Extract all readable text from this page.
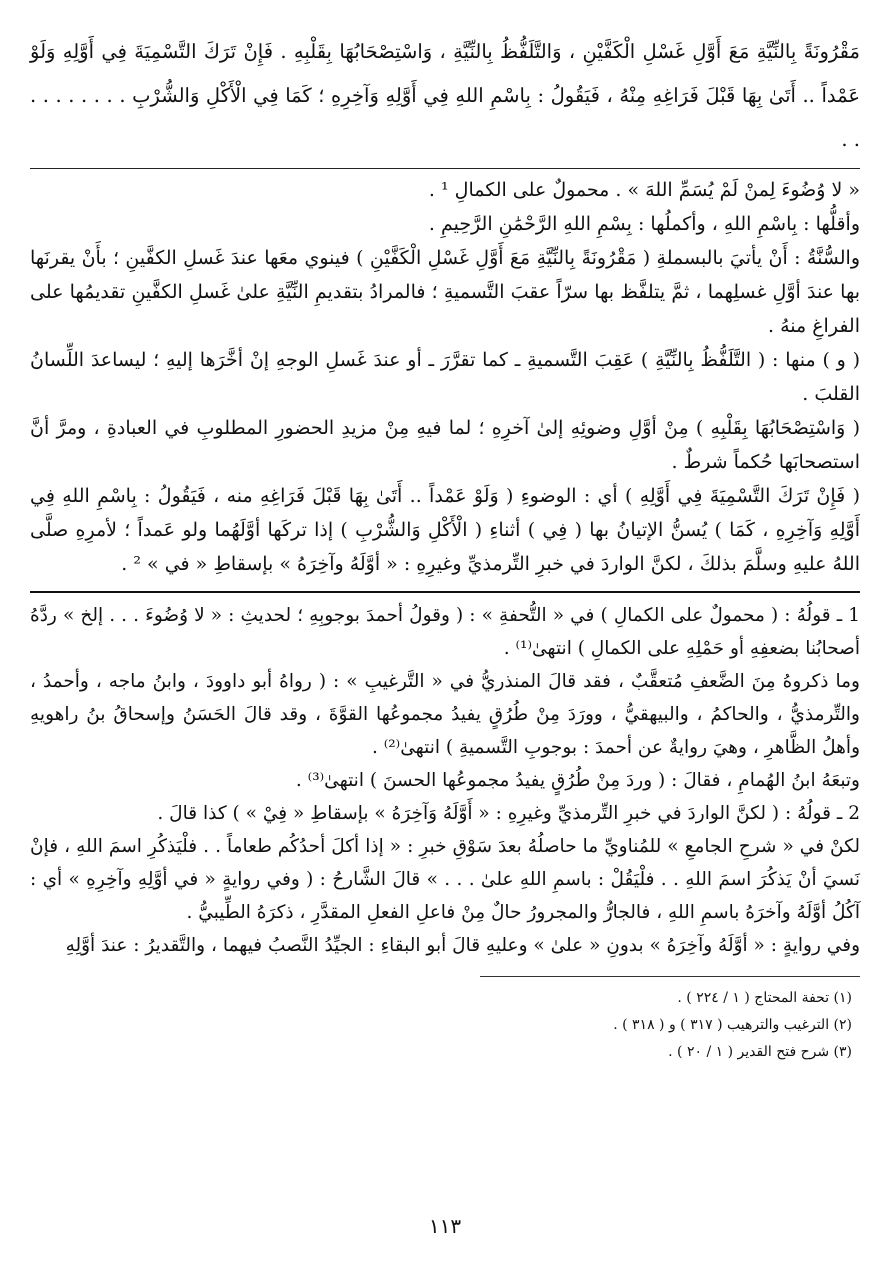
مَقْرُونَةً بِالنِّيَّةِ مَعَ أَوَّلِ غَسْلِ الْكَفَّيْنِ ، وَالتَّلَفُّظُ بِالنِّيَّةِ ، وَاسْتِصْحَابُهَا بِقَلْبِهِ . فَإِنْ تَرَكَ التَّسْمِيَةَ فِي أَوَّلِهِ وَلَوْ عَمْداً .. أَتَىٰ بِهَا قَبْلَ فَرَاغِهِ مِنْهُ ، فَيَقُولُ : بِاسْمِ اللهِ فِي أَوَّلِهِ وَآخِرِهِ ؛ كَمَا فِي الْأَكْلِ وَالشُّرْبِ . . . . . . . . . .

« لا وُضُوءَ لِمنْ لَمْ يُسَمِّ اللهَ » . محمولٌ على الكمالِ ¹ .

وأقلُّها : بِاسْمِ اللهِ ، وأكملُها : بِسْمِ اللهِ الرَّحْمَٰنِ الرَّحِيمِ .

والسُّنَّةُ : أَنْ يأتيَ بالبسملةِ ( مَقْرُونَةً بِالنِّيَّةِ مَعَ أَوَّلِ غَسْلِ الْكَفَّيْنِ ) فينوي معَها عندَ غَسلِ الكفَّينِ ؛ بأَنْ يقرنَها بها عندَ أوَّلِ غسلِهما ، ثمَّ يتلفَّظ بها سرّاً عقبَ التَّسميةِ ؛ فالمرادُ بتقديمِ النِّيَّةِ علىٰ غَسلِ الكفَّينِ تقديمُها على الفراغِ منهُ .

( و ) منها : ( التَّلَفُّظُ بِالنِّيَّةِ ) عَقِبَ التَّسميةِ ـ كما تقرَّرَ ـ أو عندَ غَسلِ الوجهِ إنْ أخَّرَها إليهِ ؛ ليساعدَ اللِّسانُ القلبَ .

( وَاسْتِصْحَابُهَا بِقَلْبِهِ ) مِنْ أوَّلِ وضوئِهِ إلىٰ آخرِهِ ؛ لما فيهِ مِنْ مزيدِ الحضورِ المطلوبِ في العبادةِ ، ومرَّ أنَّ استصحابَها حُكماً شرطٌ .

( فَإِنْ تَرَكَ التَّسْمِيَةَ فِي أَوَّلِهِ ) أي : الوضوءِ ( وَلَوْ عَمْداً .. أَتَىٰ بِهَا قَبْلَ فَرَاغِهِ منه ، فَيَقُولُ : بِاسْمِ اللهِ فِي أَوَّلِهِ وَآخِرِهِ ، كَمَا ) يُسنُّ الإتيانُ بها ( فِي ) أثناءِ ( الْأَكْلِ وَالشُّرْبِ ) إذا تركَها أوَّلَهُما ولو عَمداً ؛ لأمرِهِ صلَّى اللهُ عليهِ وسلَّمَ بذلكَ ، لكنَّ الواردَ في خبرِ التِّرمذيِّ وغيرِهِ : « أوَّلَهُ وآخِرَهُ » بإسقاطِ « في » ² .

1 ـ قولُهُ : ( محمولٌ على الكمالِ ) في « التُّحفةِ » : ( وقولُ أحمدَ بوجوبِهِ ؛ لحديثِ : « لا وُضُوءَ . . . إلخ » ردَّهُ أصحابُنا بضعفِهِ أو حَمْلِهِ على الكمالِ ) انتهىٰ⁽¹⁾ .

وما ذكروهُ مِنَ الضَّعفِ مُتعقَّبٌ ، فقد قالَ المنذريُّ في « التَّرغيبِ » : ( رواهُ أبو داوودَ ، وابنُ ماجه ، وأحمدُ ، والتِّرمذيُّ ، والحاكمُ ، والبيهقيُّ ، وورَدَ مِنْ طُرُقٍ يفيدُ مجموعُها القوَّةَ ، وقد قالَ الحَسَنُ وإسحاقُ بنُ راهويهِ وأهلُ الظَّاهرِ ، وهيَ روايةٌ عن أحمدَ : بوجوبِ التَّسميةِ ) انتهىٰ⁽²⁾ .

وتبعَهُ ابنُ الهُمامِ ، فقالَ : ( وردَ مِنْ طُرُقٍ يفيدُ مجموعُها الحسنَ ) انتهىٰ⁽³⁾ .

2 ـ قولُهُ : ( لكنَّ الواردَ في خبرِ التِّرمذيِّ وغيرِهِ : « أَوَّلَهُ وَآخِرَهُ » بإسقاطِ « فِيْ » ) كذا قالَ .

لكنْ في « شرحِ الجامعِ » للمُناويِّ ما حاصلُهُ بعدَ سَوْقِ خبرِ : « إذا أكلَ أحدُكُم طعاماً . . فلْيَذكُرِ اسمَ اللهِ ، فإنْ نَسيَ أنْ يَذكُرَ اسمَ اللهِ . . فلْيَقُلْ : باسمِ اللهِ علىٰ . . . » قالَ الشَّارحُ : ( وفي روايةٍ « في أوَّلِهِ وآخِرِهِ » أي : آكُلُ أوَّلَهُ وآخرَهُ باسمِ اللهِ ، فالجارُّ والمجرورُ حالٌ مِنْ فاعلِ الفعلِ المقدَّرِ ، ذكرَهُ الطِّيبيُّ .

وفي روايةٍ : « أوَّلَهُ وآخِرَهُ » بدونِ « علىٰ » وعليهِ قالَ أبو البقاءِ : الجيِّدُ النَّصبُ فيهما ، والتَّقديرُ : عندَ أوَّلِهِ

(١) تحفة المحتاج ( ١ / ٢٢٤ ) .

(٢) الترغيب والترهيب ( ٣١٧ ) و ( ٣١٨ ) .

(٣) شرح فتح القدير ( ١ / ٢٠ ) .

١١٣
